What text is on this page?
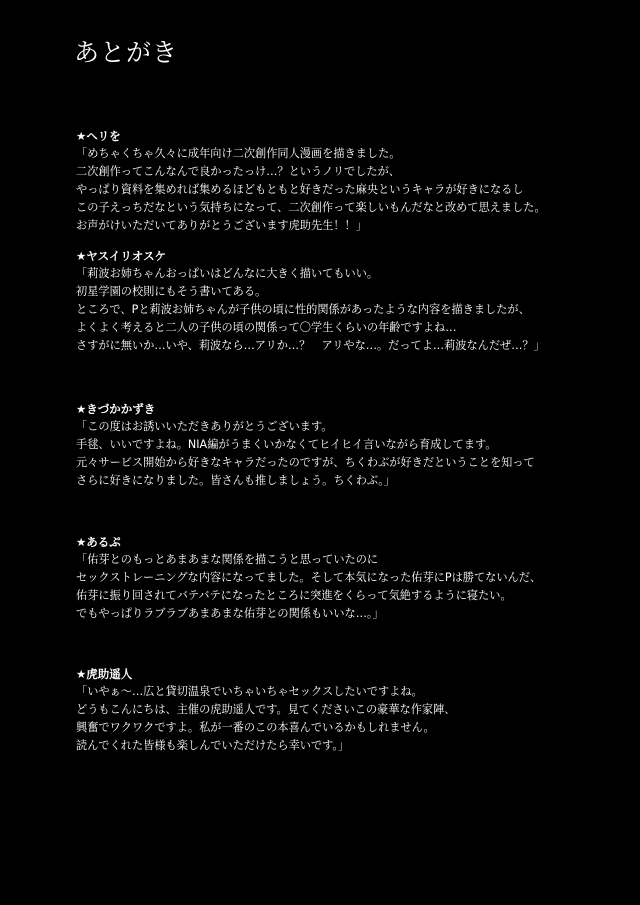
あとがき
★ヘリを
「めちゃくちゃ久々に成年向け二次創作同人漫画を描きました。
二次創作ってこんなんで良かったっけ…？というノリでしたが、
やっぱり資料を集めれば集めるほどもともと好きだった麻央というキャラが好きになるし
この子えっちだなという気持ちになって、二次創作って楽しいもんだなと改めて思えました。
お声がけいただいてありがとうございます虎助先生！！」
★ヤスイリオスケ
「莉波お姉ちゃんおっぱいはどんなに大きく描いてもいい。
初星学園の校則にもそう書いてある。
ところで、Pと莉波お姉ちゃんが子供の頃に性的関係があったような内容を描きましたが、
よくよく考えると二人の子供の頃の関係って〇学生くらいの年齢ですよね…
さすがに無いか…いや、莉波なら…アリか…？　アリやな…。だってよ…莉波なんだぜ…？」
★きづかかずき
「この度はお誘いいただきありがとうございます。
手毬、いいですよね。NIA編がうまくいかなくてヒイヒイ言いながら育成してます。
元々サービス開始から好きなキャラだったのですが、ちくわぶが好きだということを知って
さらに好きになりました。皆さんも推しましょう。ちくわぶ。」
★あるぷ
「佑芽とのもっとあまあまな関係を描こうと思っていたのに
セックストレーニングな内容になってました。そして本気になった佑芽にPは勝てないんだ、
佑芽に振り回されてバテバテになったところに突進をくらって気絶するように寝たい。
でもやっぱりラブラブあまあまな佑芽との関係もいいな…。」
★虎助遥人
「いやぁ〜…広と貸切温泉でいちゃいちゃセックスしたいですよね。
どうもこんにちは、主催の虎助遥人です。見てくださいこの豪華な作家陣、
興奮でワクワクですよ。私が一番のこの本喜んでいるかもしれません。
読んでくれた皆様も楽しんでいただけたら幸いです。」
